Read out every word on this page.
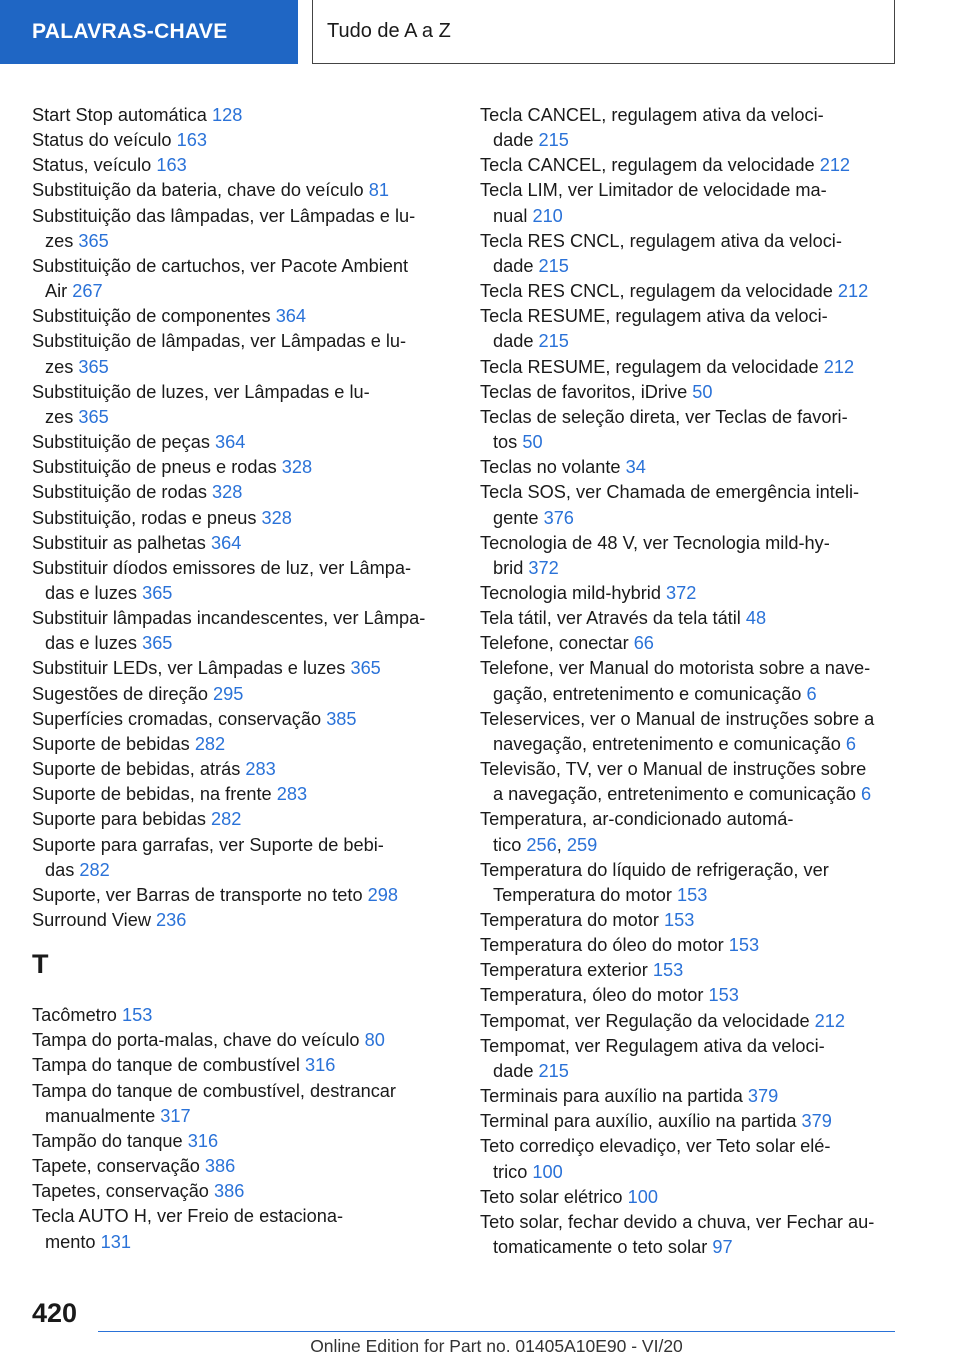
PALAVRAS-CHAVE	Tudo de A a Z
Start Stop automática 128
Status do veículo 163
Status, veículo 163
Substituição da bateria, chave do veículo 81
Substituição das lâmpadas, ver Lâmpadas e lu-
zes 365
Substituição de cartuchos, ver Pacote Ambient
Air 267
Substituição de componentes 364
Substituição de lâmpadas, ver Lâmpadas e lu-
zes 365
Substituição de luzes, ver Lâmpadas e lu-
zes 365
Substituição de peças 364
Substituição de pneus e rodas 328
Substituição de rodas 328
Substituição, rodas e pneus 328
Substituir as palhetas 364
Substituir díodos emissores de luz, ver Lâmpa-
das e luzes 365
Substituir lâmpadas incandescentes, ver Lâmpa-
das e luzes 365
Substituir LEDs, ver Lâmpadas e luzes 365
Sugestões de direção 295
Superfícies cromadas, conservação 385
Suporte de bebidas 282
Suporte de bebidas, atrás 283
Suporte de bebidas, na frente 283
Suporte para bebidas 282
Suporte para garrafas, ver Suporte de bebi-
das 282
Suporte, ver Barras de transporte no teto 298
Surround View 236
T
Tacômetro 153
Tampa do porta-malas, chave do veículo 80
Tampa do tanque de combustível 316
Tampa do tanque de combustível, destrancar
manualmente 317
Tampão do tanque 316
Tapete, conservação 386
Tapetes, conservação 386
Tecla AUTO H, ver Freio de estaciona-
mento 131
Tecla CANCEL, regulagem ativa da veloci-
dade 215
Tecla CANCEL, regulagem da velocidade 212
Tecla LIM, ver Limitador de velocidade ma-
nual 210
Tecla RES CNCL, regulagem ativa da veloci-
dade 215
Tecla RES CNCL, regulagem da velocidade 212
Tecla RESUME, regulagem ativa da veloci-
dade 215
Tecla RESUME, regulagem da velocidade 212
Teclas de favoritos, iDrive 50
Teclas de seleção direta, ver Teclas de favori-
tos 50
Teclas no volante 34
Tecla SOS, ver Chamada de emergência inteli-
gente 376
Tecnologia de 48 V, ver Tecnologia mild-hy-
brid 372
Tecnologia mild-hybrid 372
Tela tátil, ver Através da tela tátil 48
Telefone, conectar 66
Telefone, ver Manual do motorista sobre a nave-
gação, entretenimento e comunicação 6
Teleservices, ver o Manual de instruções sobre a
navegação, entretenimento e comunicação 6
Televisão, TV, ver o Manual de instruções sobre
a navegação, entretenimento e comunicação 6
Temperatura, ar-condicionado automá-
tico 256, 259
Temperatura do líquido de refrigeração, ver
Temperatura do motor 153
Temperatura do motor 153
Temperatura do óleo do motor 153
Temperatura exterior 153
Temperatura, óleo do motor 153
Tempomat, ver Regulação da velocidade 212
Tempomat, ver Regulagem ativa da veloci-
dade 215
Terminais para auxílio na partida 379
Terminal para auxílio, auxílio na partida 379
Teto corrediço elevadiço, ver Teto solar elé-
trico 100
Teto solar elétrico 100
Teto solar, fechar devido a chuva, ver Fechar au-
tomaticamente o teto solar 97
420
Online Edition for Part no. 01405A10E90 - VI/20
